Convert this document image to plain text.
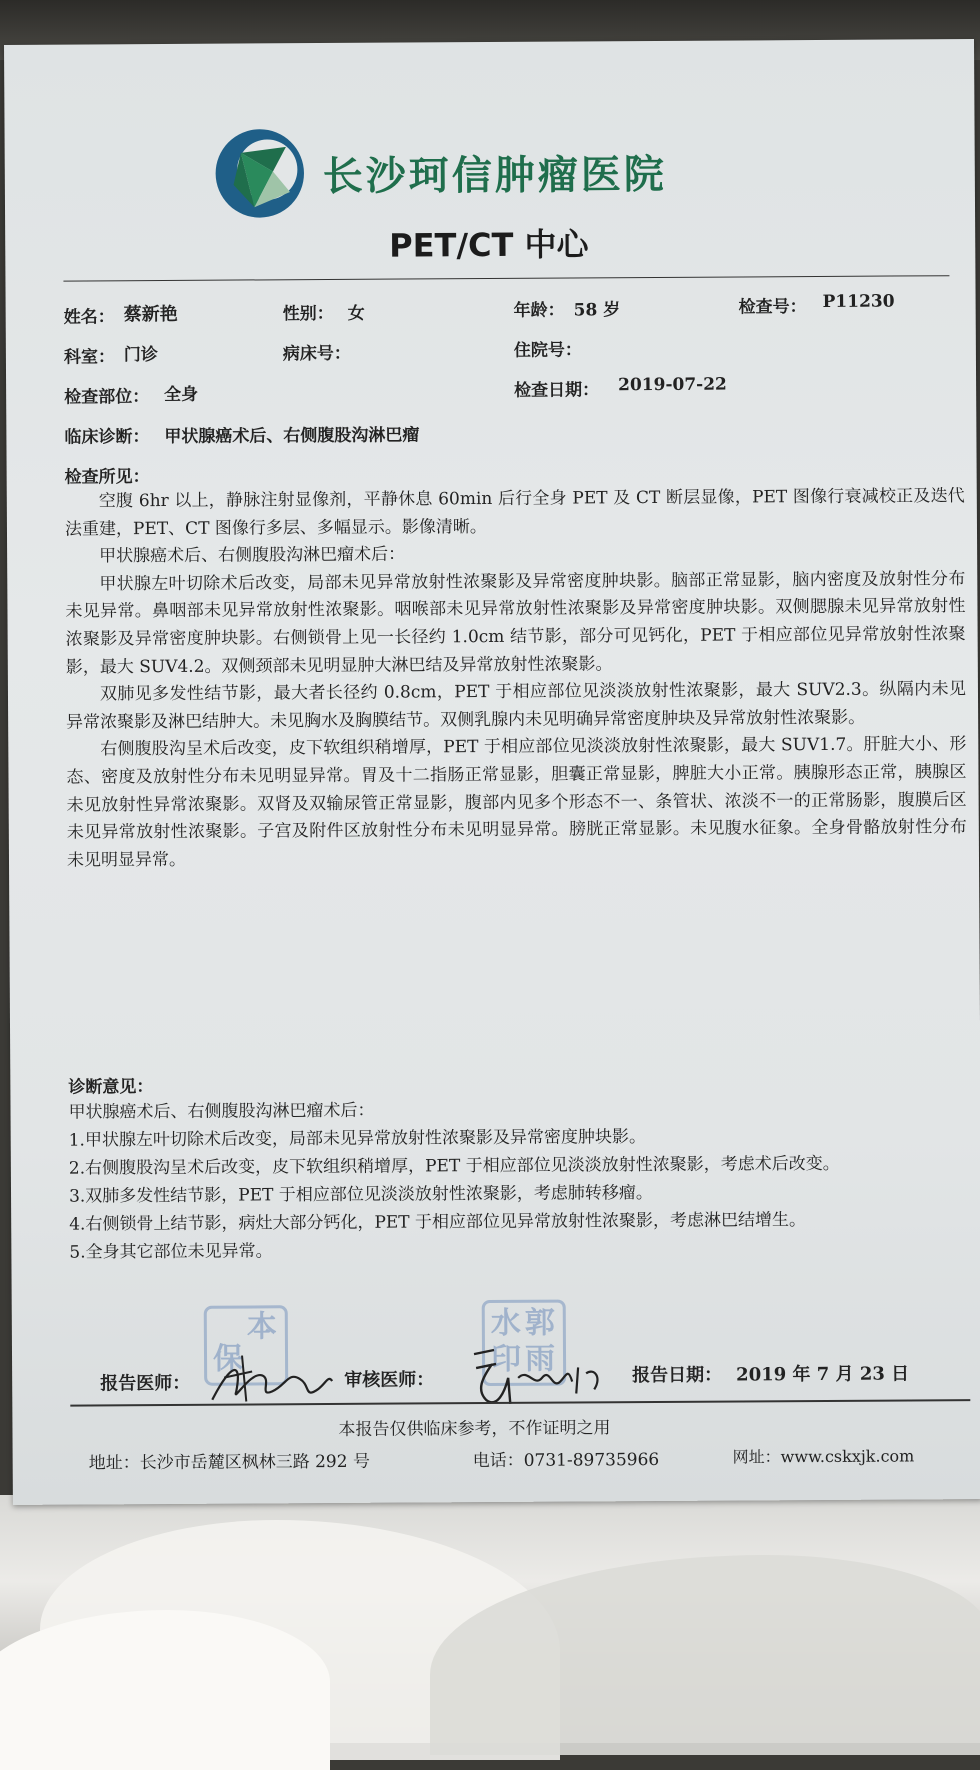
长沙珂信肿瘤医院
PET/CT 中心
姓名： 蔡新艳	性别： 女	年龄： 58 岁	检查号： P11230
科室： 门诊	病床号：	住院号：
检查部位： 全身	检查日期： 2019-07-22
临床诊断： 甲状腺癌术后、右侧腹股沟淋巴瘤
检查所见：

空腹 6hr 以上，静脉注射显像剂，平静休息 60min 后行全身 PET 及 CT 断层显像，PET 图像行衰减校正及迭代法重建，PET、CT 图像行多层、多幅显示。影像清晰。

甲状腺癌术后、右侧腹股沟淋巴瘤术后：

甲状腺左叶切除术后改变，局部未见异常放射性浓聚影及异常密度肿块影。脑部正常显影，脑内密度及放射性分布未见异常。鼻咽部未见异常放射性浓聚影。咽喉部未见异常放射性浓聚影及异常密度肿块影。双侧腮腺未见异常放射性浓聚影及异常密度肿块影。右侧锁骨上见一长径约 1.0cm 结节影，部分可见钙化，PET 于相应部位见异常放射性浓聚影，最大 SUV4.2。双侧颈部未见明显肿大淋巴结及异常放射性浓聚影。

双肺见多发性结节影，最大者长径约 0.8cm，PET 于相应部位见淡淡放射性浓聚影，最大 SUV2.3。纵隔内未见异常浓聚影及淋巴结肿大。未见胸水及胸膜结节。双侧乳腺内未见明确异常密度肿块及异常放射性浓聚影。

右侧腹股沟呈术后改变，皮下软组织稍增厚，PET 于相应部位见淡淡放射性浓聚影，最大 SUV1.7。肝脏大小、形态、密度及放射性分布未见明显异常。胃及十二指肠正常显影，胆囊正常显影，脾脏大小正常。胰腺形态正常，胰腺区未见放射性异常浓聚影。双肾及双输尿管正常显影，腹部内见多个形态不一、条管状、浓淡不一的正常肠影，腹膜后区未见异常放射性浓聚影。子宫及附件区放射性分布未见明显异常。膀胱正常显影。未见腹水征象。全身骨骼放射性分布未见明显异常。

诊断意见：

甲状腺癌术后、右侧腹股沟淋巴瘤术后：

1.甲状腺左叶切除术后改变，局部未见异常放射性浓聚影及异常密度肿块影。

2.右侧腹股沟呈术后改变，皮下软组织稍增厚，PET 于相应部位见淡淡放射性浓聚影，考虑术后改变。

3.双肺多发性结节影，PET 于相应部位见淡淡放射性浓聚影，考虑肺转移瘤。

4.右侧锁骨上结节影，病灶大部分钙化，PET 于相应部位见异常放射性浓聚影，考虑淋巴结增生。

5.全身其它部位未见异常。

保
本	水 郭
印 雨
报告医师：	审核医师：	报告日期： 2019 年 7 月 23 日
本报告仅供临床参考，不作证明之用
地址：长沙市岳麓区枫林三路 292 号	电话：0731-89735966	网址：www.cskxjk.com
